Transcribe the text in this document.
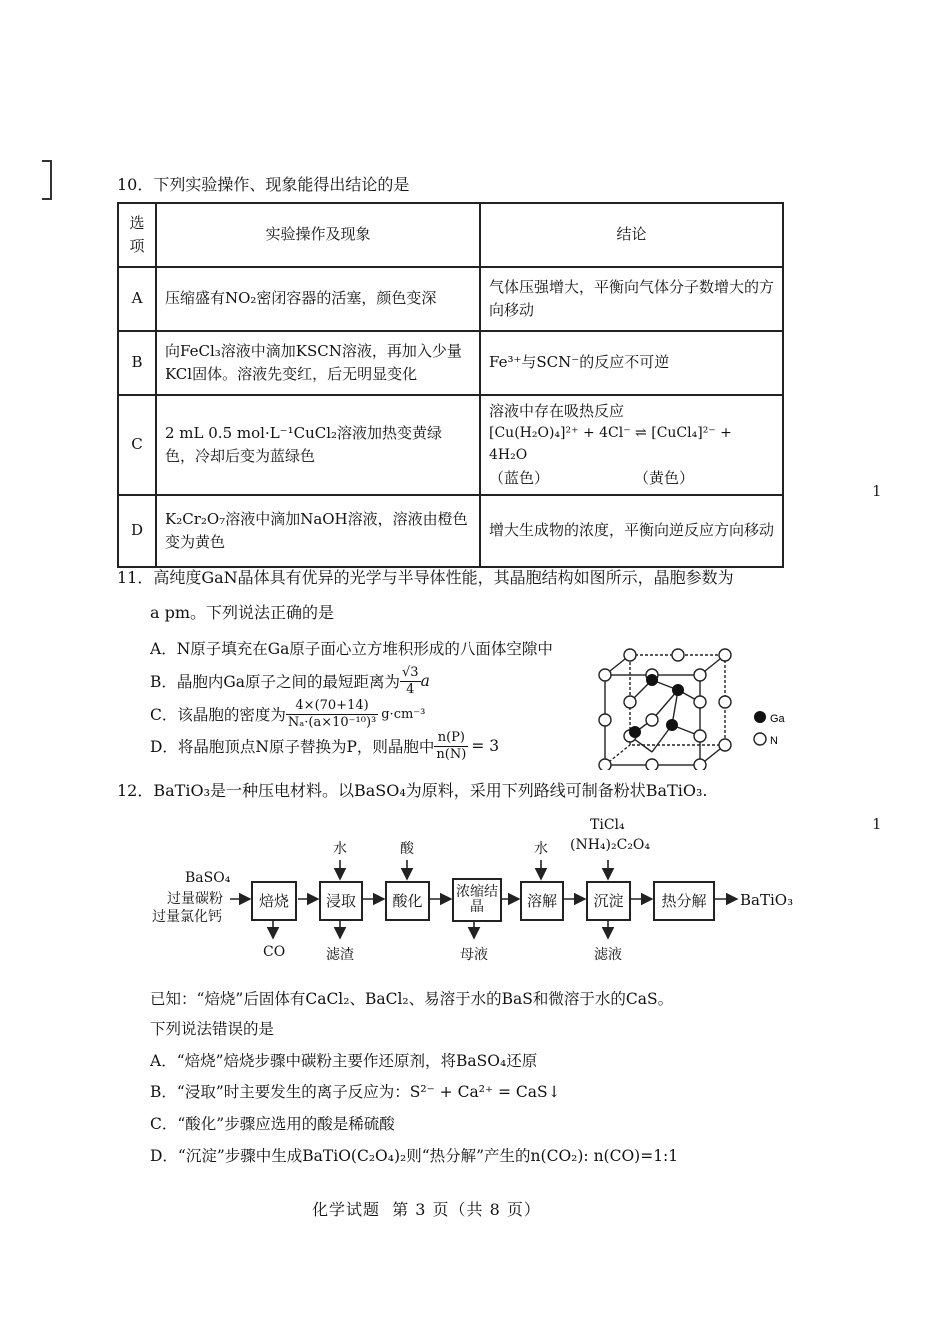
1
1
10．下列实验操作、现象能得出结论的是
选项	实验操作及现象	结论
A	压缩盛有NO₂密闭容器的活塞，颜色变深	气体压强增大，平衡向气体分子数增大的方向移动
B	向FeCl₃溶液中滴加KSCN溶液，再加入少量KCl固体。溶液先变红，后无明显变化	Fe³⁺与SCN⁻的反应不可逆
C	2 mL 0.5 mol·L⁻¹CuCl₂溶液加热变黄绿色，冷却后变为蓝绿色	溶液中存在吸热反应
[Cu(H₂O)₄]²⁺ + 4Cl⁻ ⇌ [CuCl₄]²⁻ + 4H₂O
（蓝色） （黄色）

D	K₂Cr₂O₇溶液中滴加NaOH溶液，溶液由橙色变为黄色	增大生成物的浓度，平衡向逆反应方向移动
11．高纯度GaN晶体具有优异的光学与半导体性能，其晶胞结构如图所示，晶胞参数为
a pm。下列说法正确的是
A．N原子填充在Ga原子面心立方堆积形成的八面体空隙中
B．晶胞内Ga原子之间的最短距离为 $\frac{√3}{4}$ a
C．该晶胞的密度为 $\frac{4\times(70+14)}{\text{Nₐ·(a×10⁻¹⁰)³}} g\cdot cm^{-3}$
D．将晶胞顶点N原子替换为P，则晶胞中 $\frac{n(P)}{n(N)} = 3$
Ga
N
12．BaTiO₃是一种压电材料。以BaSO₄为原料，采用下列路线可制备粉状BaTiO₃.
BaSO₄
过量碳粉
过量氯化钙
焙烧	浸取	酸化
浓缩结晶	溶解	沉淀	热分解	BaTiO₃
水	酸	水
TiCl₄
(NH₄)₂C₂O₄
CO	滤渣	母液	滤液
已知：“焙烧”后固体有CaCl₂、BaCl₂、易溶于水的BaS和微溶于水的CaS。
下列说法错误的是
A．“焙烧”焙烧步骤中碳粉主要作还原剂，将BaSO₄还原
B．“浸取”时主要发生的离子反应为：S²⁻ + Ca²⁺ = CaS↓
C．“酸化”步骤应选用的酸是稀硫酸
D．“沉淀”步骤中生成BaTiO(C₂O₄)₂则“热分解”产生的n(CO₂): n(CO)=1:1
化学试题  第 3 页（共 8 页）
